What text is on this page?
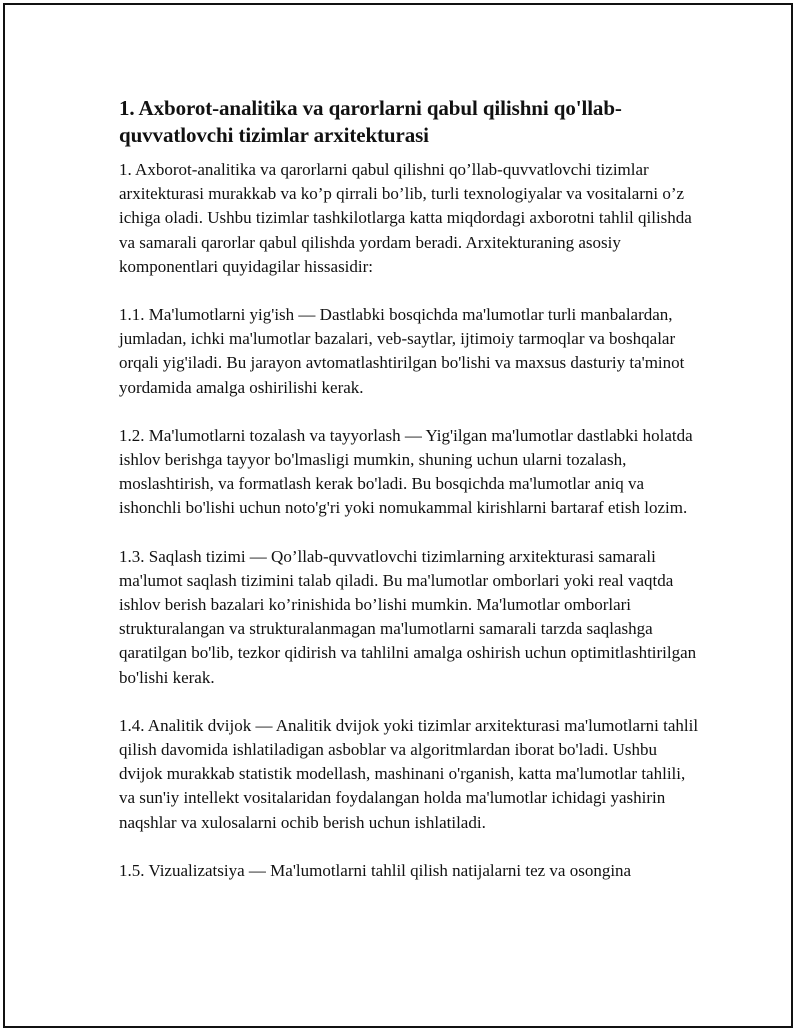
1. Axborot-analitika va qarorlarni qabul qilishni qo'llab-quvvatlovchi tizimlar arxitekturasi

1. Axborot-analitika va qarorlarni qabul qilishni qo’llab-quvvatlovchi tizimlar arxitekturasi murakkab va ko’p qirrali bo’lib, turli texnologiyalar va vositalarni o’z ichiga oladi. Ushbu tizimlar tashkilotlarga katta miqdordagi axborotni tahlil qilishda va samarali qarorlar qabul qilishda yordam beradi. Arxitekturaning asosiy komponentlari quyidagilar hissasidir:

1.1. Ma'lumotlarni yig'ish — Dastlabki bosqichda ma'lumotlar turli manbalardan, jumladan, ichki ma'lumotlar bazalari, veb-saytlar, ijtimoiy tarmoqlar va boshqalar orqali yig'iladi. Bu jarayon avtomatlashtirilgan bo'lishi va maxsus dasturiy ta'minot yordamida amalga oshirilishi kerak.

1.2. Ma'lumotlarni tozalash va tayyorlash — Yig'ilgan ma'lumotlar dastlabki holatda ishlov berishga tayyor bo'lmasligi mumkin, shuning uchun ularni tozalash, moslashtirish, va formatlash kerak bo'ladi. Bu bosqichda ma'lumotlar aniq va ishonchli bo'lishi uchun noto'g'ri yoki nomukammal kirishlarni bartaraf etish lozim.

1.3. Saqlash tizimi — Qo’llab-quvvatlovchi tizimlarning arxitekturasi samarali ma'lumot saqlash tizimini talab qiladi. Bu ma'lumotlar omborlari yoki real vaqtda ishlov berish bazalari ko’rinishida bo’lishi mumkin. Ma'lumotlar omborlari strukturalangan va strukturalanmagan ma'lumotlarni samarali tarzda saqlashga qaratilgan bo'lib, tezkor qidirish va tahlilni amalga oshirish uchun optimitlashtirilgan bo'lishi kerak.

1.4. Analitik dvijok — Analitik dvijok yoki tizimlar arxitekturasi ma'lumotlarni tahlil qilish davomida ishlatiladigan asboblar va algoritmlardan iborat bo'ladi. Ushbu dvijok murakkab statistik modellash, mashinani o'rganish, katta ma'lumotlar tahlili, va sun'iy intellekt vositalaridan foydalangan holda ma'lumotlar ichidagi yashirin naqshlar va xulosalarni ochib berish uchun ishlatiladi.

1.5. Vizualizatsiya — Ma'lumotlarni tahlil qilish natijalarni tez va osongina
